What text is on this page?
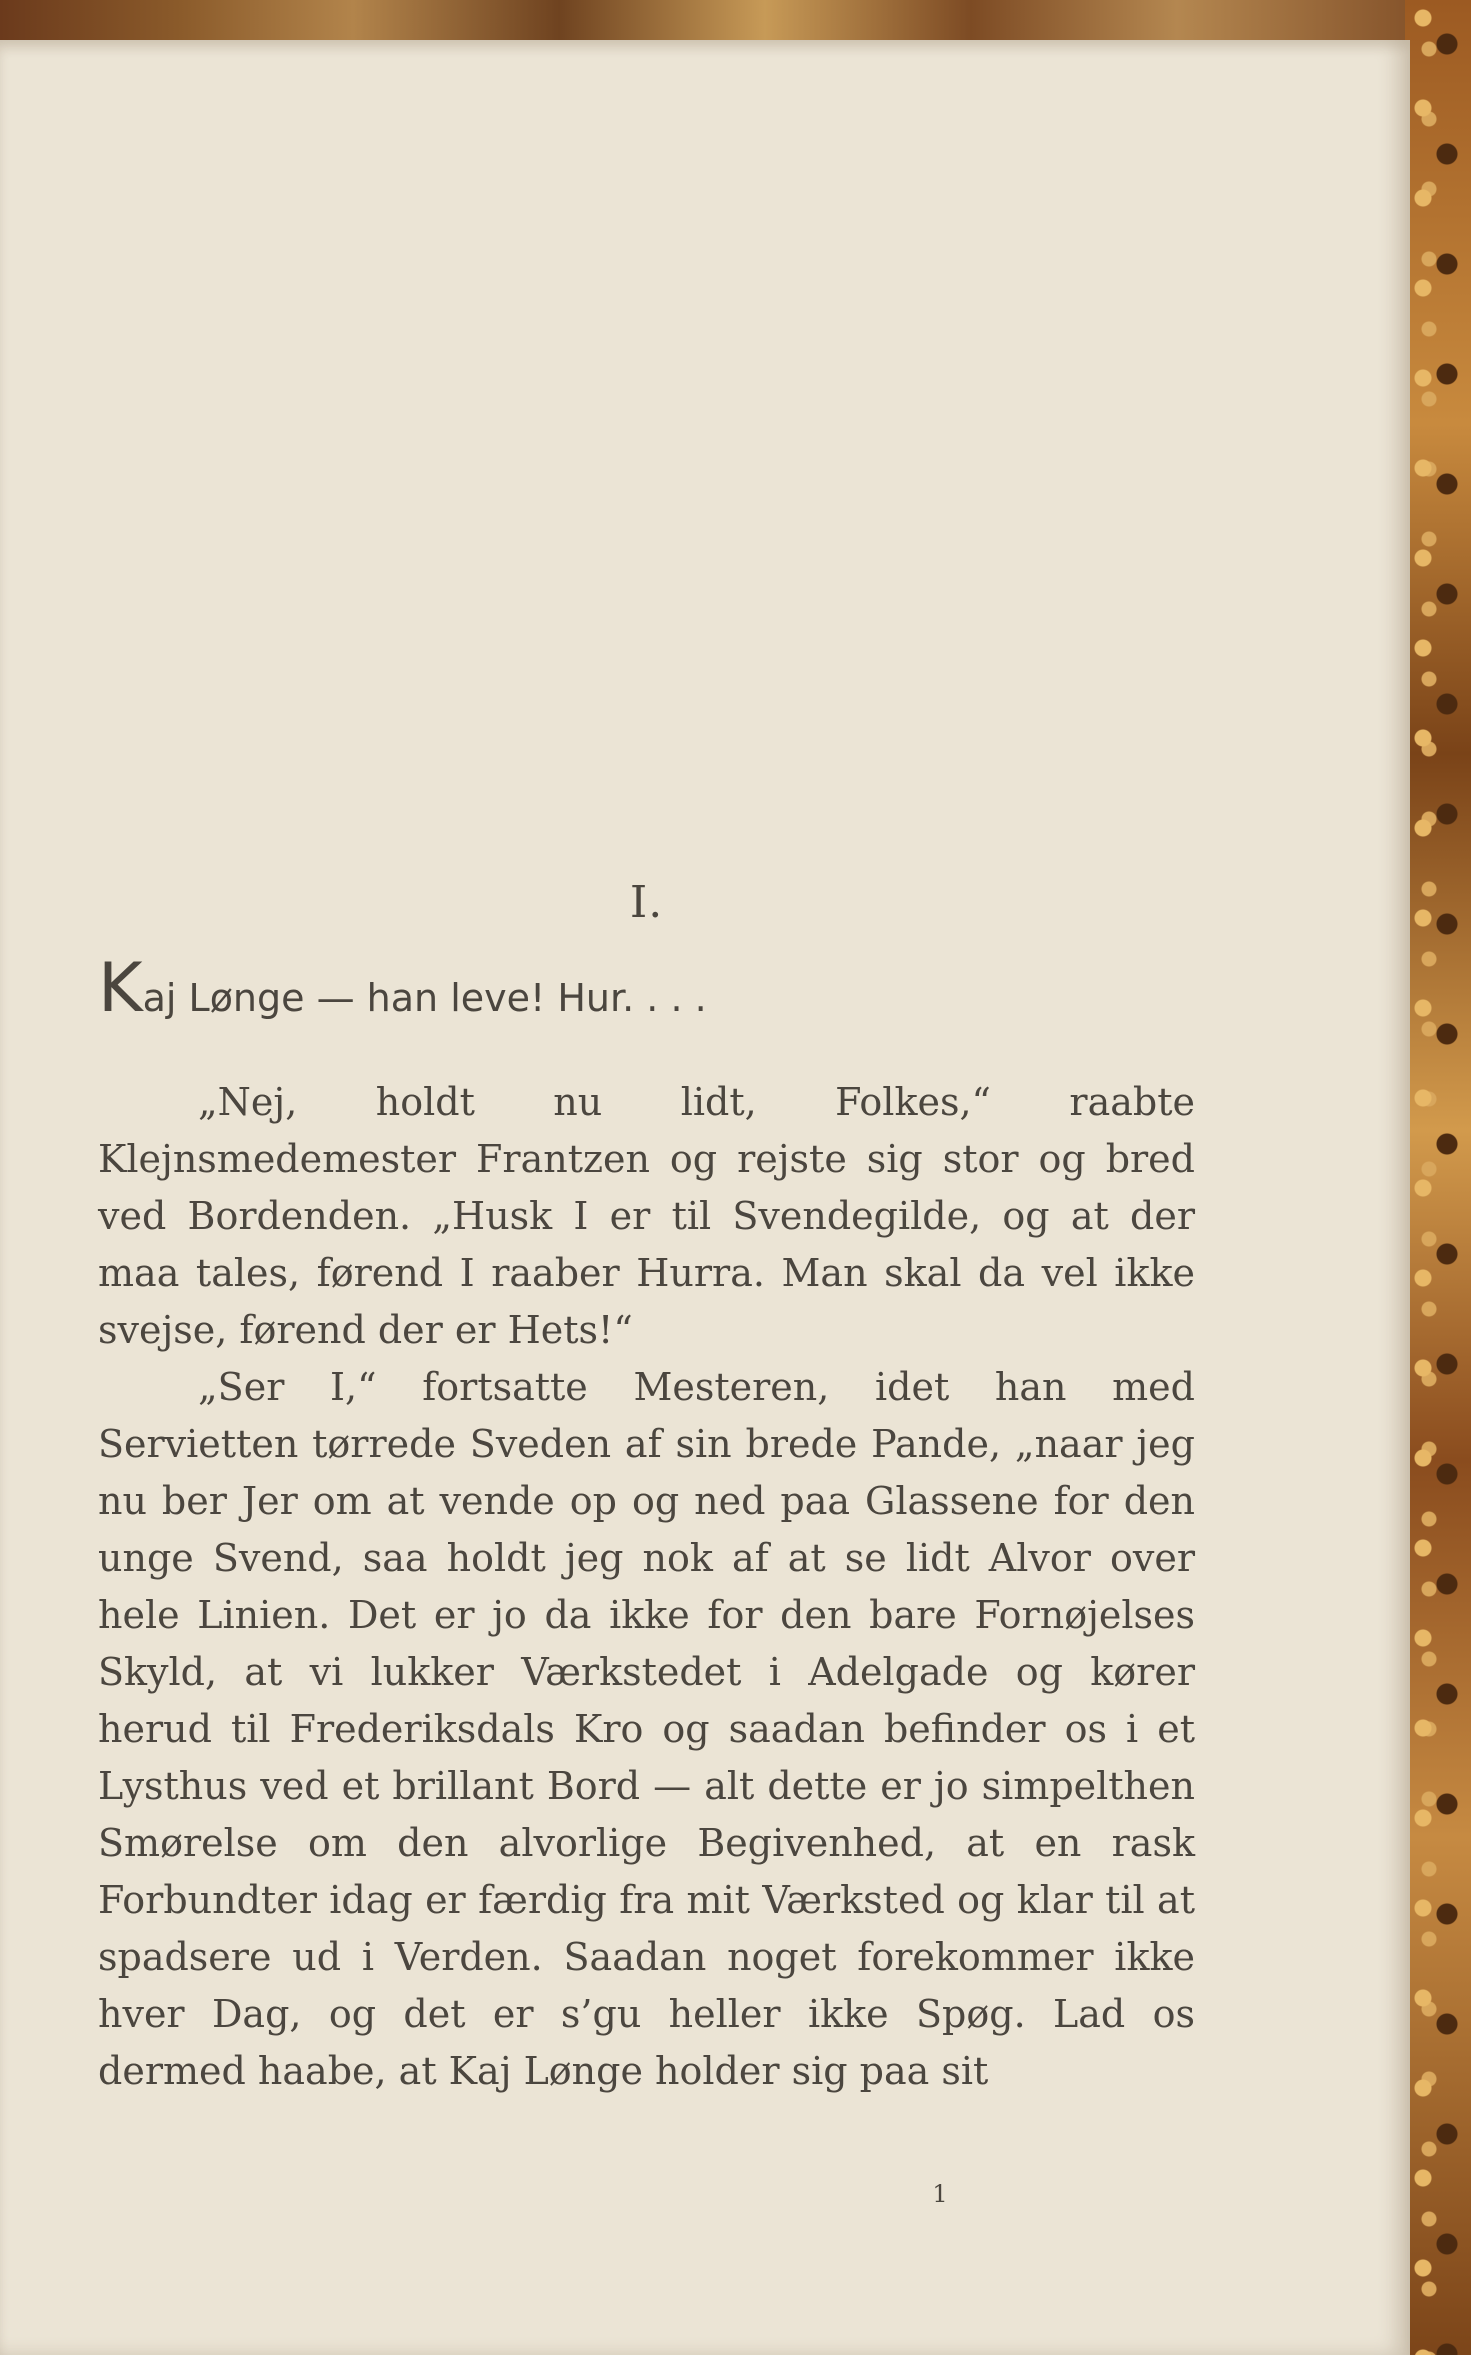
I.
Kaj Lønge — han leve! Hur. . . .

„Nej, holdt nu lidt, Folkes,“ raabte Klejnsmedemester Frantzen og rejste sig stor og bred ved Bordenden. „Husk I er til Svendegilde, og at der maa tales, førend I raaber Hurra. Man skal da vel ikke svejse, førend der er Hets!“

„Ser I,“ fortsatte Mesteren, idet han med Servietten tørrede Sveden af sin brede Pande, „naar jeg nu ber Jer om at vende op og ned paa Glassene for den unge Svend, saa holdt jeg nok af at se lidt Alvor over hele Linien. Det er jo da ikke for den bare Fornøjelses Skyld, at vi lukker Værkstedet i Adelgade og kører herud til Frederiksdals Kro og saadan befinder os i et Lysthus ved et brillant Bord — alt dette er jo simpelthen Smørelse om den alvorlige Begivenhed, at en rask Forbundter idag er færdig fra mit Værksted og klar til at spadsere ud i Verden. Saadan noget forekommer ikke hver Dag, og det er s’gu heller ikke Spøg. Lad os dermed haabe, at Kaj Lønge holder sig paa sit

1
